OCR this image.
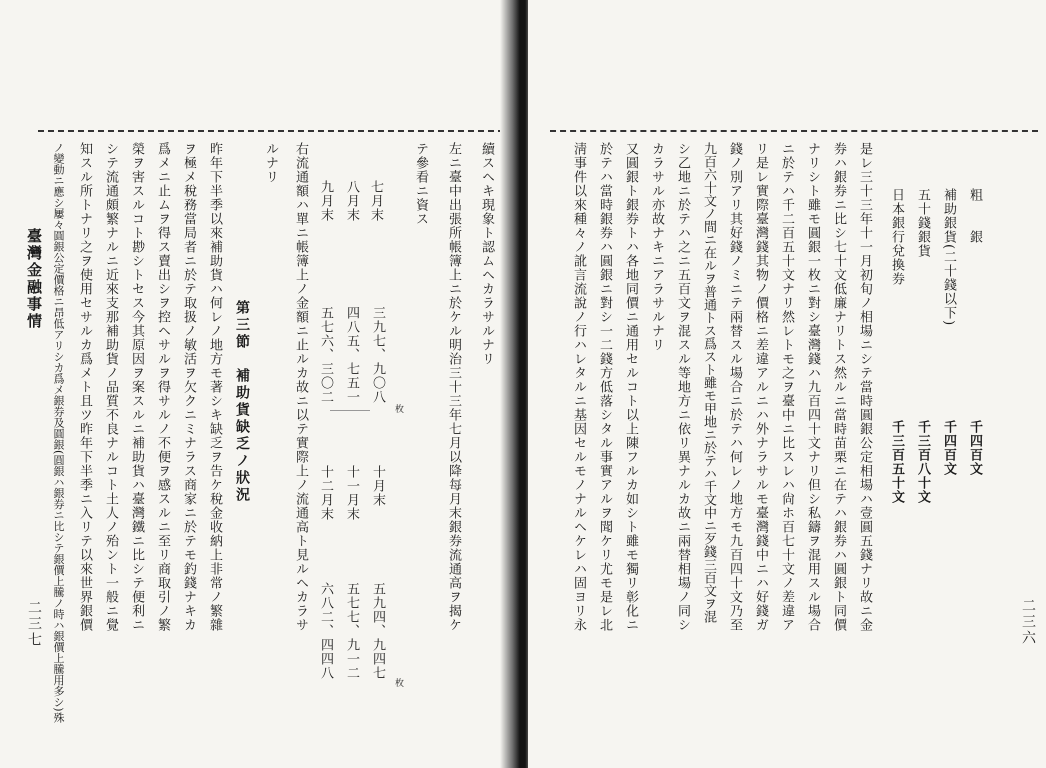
續スヘキ現象ト認ムヘカラサルナリ
左ニ臺中出張所帳簿上ニ於ケル明治三十三年七月以降每月末銀券流通高ヲ揭ケ
テ參看ニ資ス
七月末
三九七、九〇八
八月末
四八五、七五一
九月末
五七六、三〇二
枚
十月末
五九四、九四七
十一月末
五七七、九一二
十二月末
六八二、四四八
枚
右流通額ハ單ニ帳簿上ノ金額ニ止ルカ故ニ以テ實際上ノ流通高ト見ルヘカラサ
ルナリ
第三節　補助貨缺乏ノ狀況
昨年下半季以來補助貨ハ何レノ地方モ著シキ缺乏ヲ告ケ稅金收納上非常ノ繁雜
ヲ極メ稅務當局者ニ於テ取扱ノ敏活ヲ欠クニミナラス商家ニ於テモ釣錢ナキカ
爲メニ止ムヲ得ス賣出シヲ控ヘサルヲ得サルノ不便ヲ感スルニ至リ商取引ノ繁
榮ヲ害スルコト尠シトセス今其原因ヲ案スルニ補助貨ハ臺灣鐵ニ比シテ便利ニ
シテ流通頗繁ナルニ近來支那補助貨ノ品質不良ナルコト土人ノ殆ント一般ニ覺
知スル所トナリ之ヲ使用セサルカ爲メト且ツ昨年下半季ニ入リテ以來世界銀價
ノ變動ニ應シ屢々圓銀公定價格ニ昂低アリシカ爲メ銀券及圓銀(圓銀ハ銀券ニ比シテ銀價上騰ノ時ハ銀價上騰用多シ)殊
臺灣金融事情
二三七	二三六
粗　　銀
千四百文
補助銀貨(二十錢以下)
千四百文
五十錢銀貨
千三百八十文
日本銀行兌換券
千三百五十文
是レ三十三年十一月初旬ノ相場ニシテ當時圓銀公定相場ハ壹圓五錢ナリ故ニ金
券ハ銀券ニ比シ七十文低廉ナリトス然ルニ當時苗栗ニ在テハ銀券ハ圓銀ト同價
ナリシト雖モ圓銀一枚ニ對シ臺灣錢ハ九百四十文ナリ但シ私鑄ヲ混用スル場合
ニ於テハ千二百五十文ナリ然レトモ之ヲ臺中ニ比スレハ尙ホ百七十文ノ差違ア
リ是レ實際臺灣錢其物ノ價格ニ差違アルニハ外ナラサルモ臺灣錢中ニハ好錢ガ
錢ノ別アリ其好錢ノミニテ兩替スル場合ニ於テハ何レノ地方モ九百四十文乃至
九百六十文ノ間ニ在ルヲ普通トス爲スト雖モ甲地ニ於テハ千文中ニ歹錢三百文ヲ混
シ乙地ニ於テハ之ニ五百文ヲ混スル等地方ニ依リ異ナルカ故ニ兩替相場ノ同シ
カラサル亦故ナキニアラサルナリ
又圓銀ト銀券トハ各地同價ニ通用セルコト以上陳フルカ如シト雖モ獨リ彰化ニ
於テハ當時銀券ハ圓銀ニ對シ一二錢方低落シタル事實アルヲ聞ケリ尤モ是レ北
淸事件以來種々ノ訛言流說ノ行ハレタルニ基因セルモノナルヘケレハ固ヨリ永
